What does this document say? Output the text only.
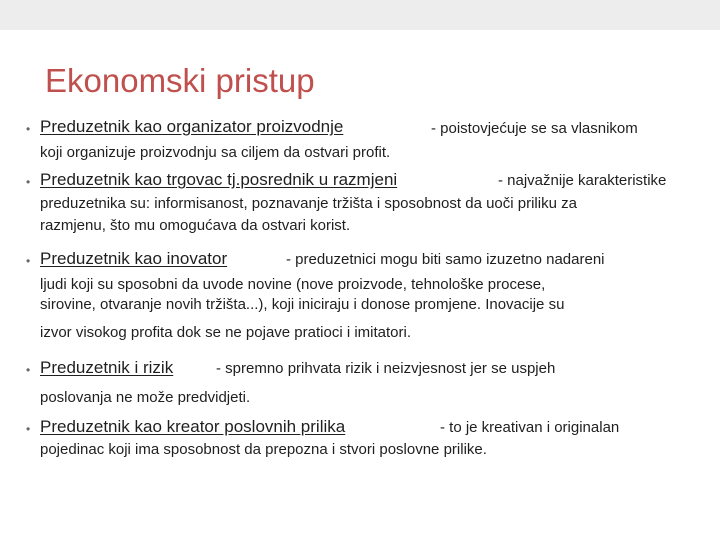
Ekonomski pristup
• Preduzetnik kao organizator proizvodnje	- poistovjećuje se sa vlasnikom
koji organizuje proizvodnju sa ciljem da ostvari profit.
• Preduzetnik kao trgovac tj.posrednik u razmjeni	- najvažnije karakteristike
preduzetnika su: informisanost, poznavanje tržišta i sposobnost da uoči priliku za
razmjenu, što mu omogućava da ostvari korist.
• Preduzetnik kao inovator	- preduzetnici mogu biti samo izuzetno nadareni
ljudi koji su sposobni da uvode novine (nove proizvode, tehnološke procese,
sirovine, otvaranje novih tržišta...), koji iniciraju i donose promjene. Inovacije su
izvor visokog profita dok se ne pojave pratioci i imitatori.
• Preduzetnik i rizik	- spremno prihvata rizik i neizvjesnost jer se uspjeh
poslovanja ne može predvidjeti.
• Preduzetnik kao kreator poslovnih prilika	- to je kreativan i originalan
pojedinac koji ima sposobnost da prepozna i stvori poslovne prilike.
